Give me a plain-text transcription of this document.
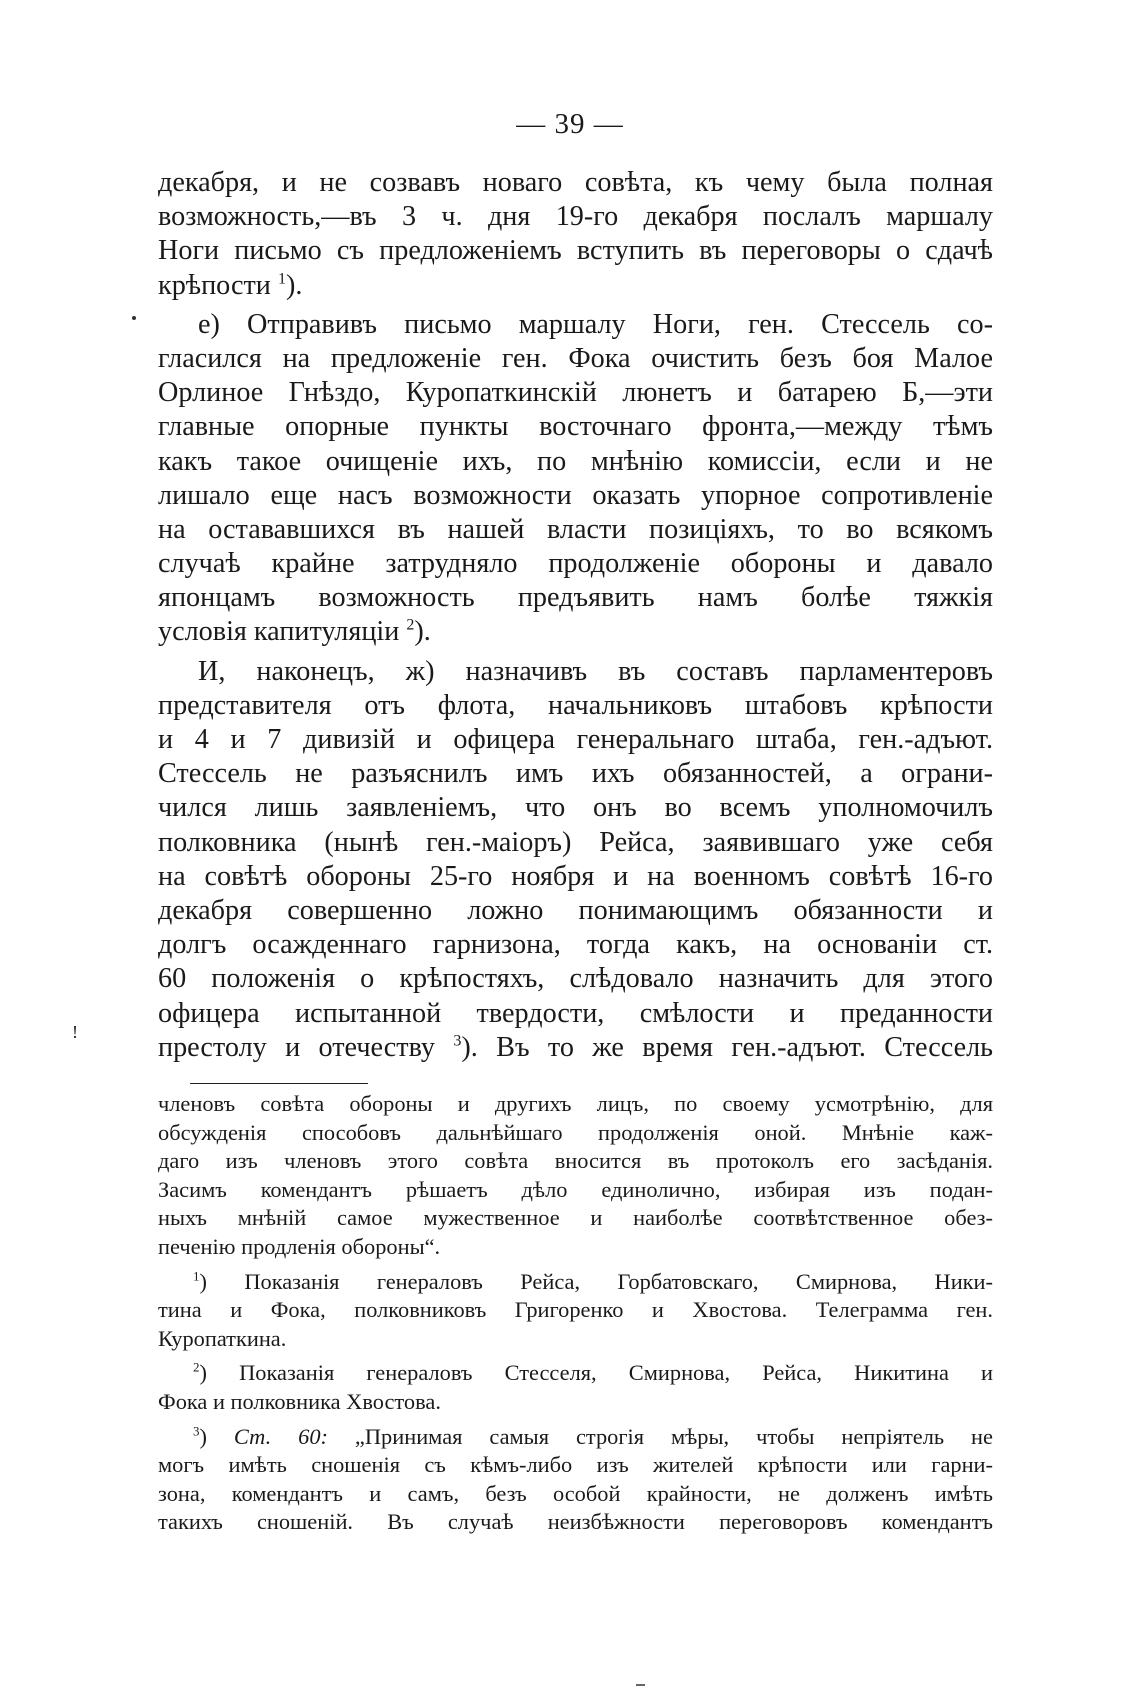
— 39 —
декабря, и не созвавъ новаго совѣта, къ чему была полная
возможность,—въ 3 ч. дня 19-го декабря послалъ маршалу
Ноги письмо съ предложеніемъ вступить въ переговоры о сдачѣ
крѣпости $^1$).
е) Отправивъ письмо маршалу Ноги, ген. Стессель со-
гласился на предложеніе ген. Фока очистить безъ боя Малое
Орлиное Гнѣздо, Куропаткинскій люнетъ и батарею Б,—эти
главные опорные пункты восточнаго фронта,—между тѣмъ
какъ такое очищеніе ихъ, по мнѣнію комиссіи, если и не
лишало еще насъ возможности оказать упорное сопротивленіе
на остававшихся въ нашей власти позиціяхъ, то во всякомъ
случаѣ крайне затрудняло продолженіе обороны и давало
японцамъ возможность предъявить намъ болѣе тяжкія
условія капитуляціи $^2$).
И, наконецъ, ж) назначивъ въ составъ парламентеровъ
представителя отъ флота, начальниковъ штабовъ крѣпости
и 4 и 7 дивизій и офицера генеральнаго штаба, ген.-адъют.
Стессель не разъяснилъ имъ ихъ обязанностей, а ограни-
чился лишь заявленіемъ, что онъ во всемъ уполномочилъ
полковника (нынѣ ген.-маіоръ) Рейса, заявившаго уже себя
на совѣтѣ обороны 25-го ноября и на военномъ совѣтѣ 16-го
декабря совершенно ложно понимающимъ обязанности и
долгъ осажденнаго гарнизона, тогда какъ, на основаніи ст.
60 положенія о крѣпостяхъ, слѣдовало назначить для этого
офицера испытанной твердости, смѣлости и преданности
престолу и отечеству $^3$). Въ то же время ген.-адъют. Стессель
!
членовъ совѣта обороны и другихъ лицъ, по своему усмотрѣнію, для
обсужденія способовъ дальнѣйшаго продолженія оной. Мнѣніе каж-
даго изъ членовъ этого совѣта вносится въ протоколъ его засѣданія.
Засимъ комендантъ рѣшаетъ дѣло единолично, избирая изъ подан-
ныхъ мнѣній самое мужественное и наиболѣе соотвѣтственное обез-
печенію продленія обороны“.
$^1$) Показанія генераловъ Рейса, Горбатовскаго, Смирнова, Ники-
тина и Фока, полковниковъ Григоренко и Хвостова. Телеграмма ген.
Куропаткина.
$^2$) Показанія генераловъ Стесселя, Смирнова, Рейса, Никитина и
Фока и полковника Хвостова.
$^3$) Ст. 60: „Принимая самыя строгія мѣры, чтобы непріятель не
могъ имѣть сношенія съ кѣмъ-либо изъ жителей крѣпости или гарни-
зона, комендантъ и самъ, безъ особой крайности, не долженъ имѣть
такихъ сношеній. Въ случаѣ неизбѣжности переговоровъ комендантъ
